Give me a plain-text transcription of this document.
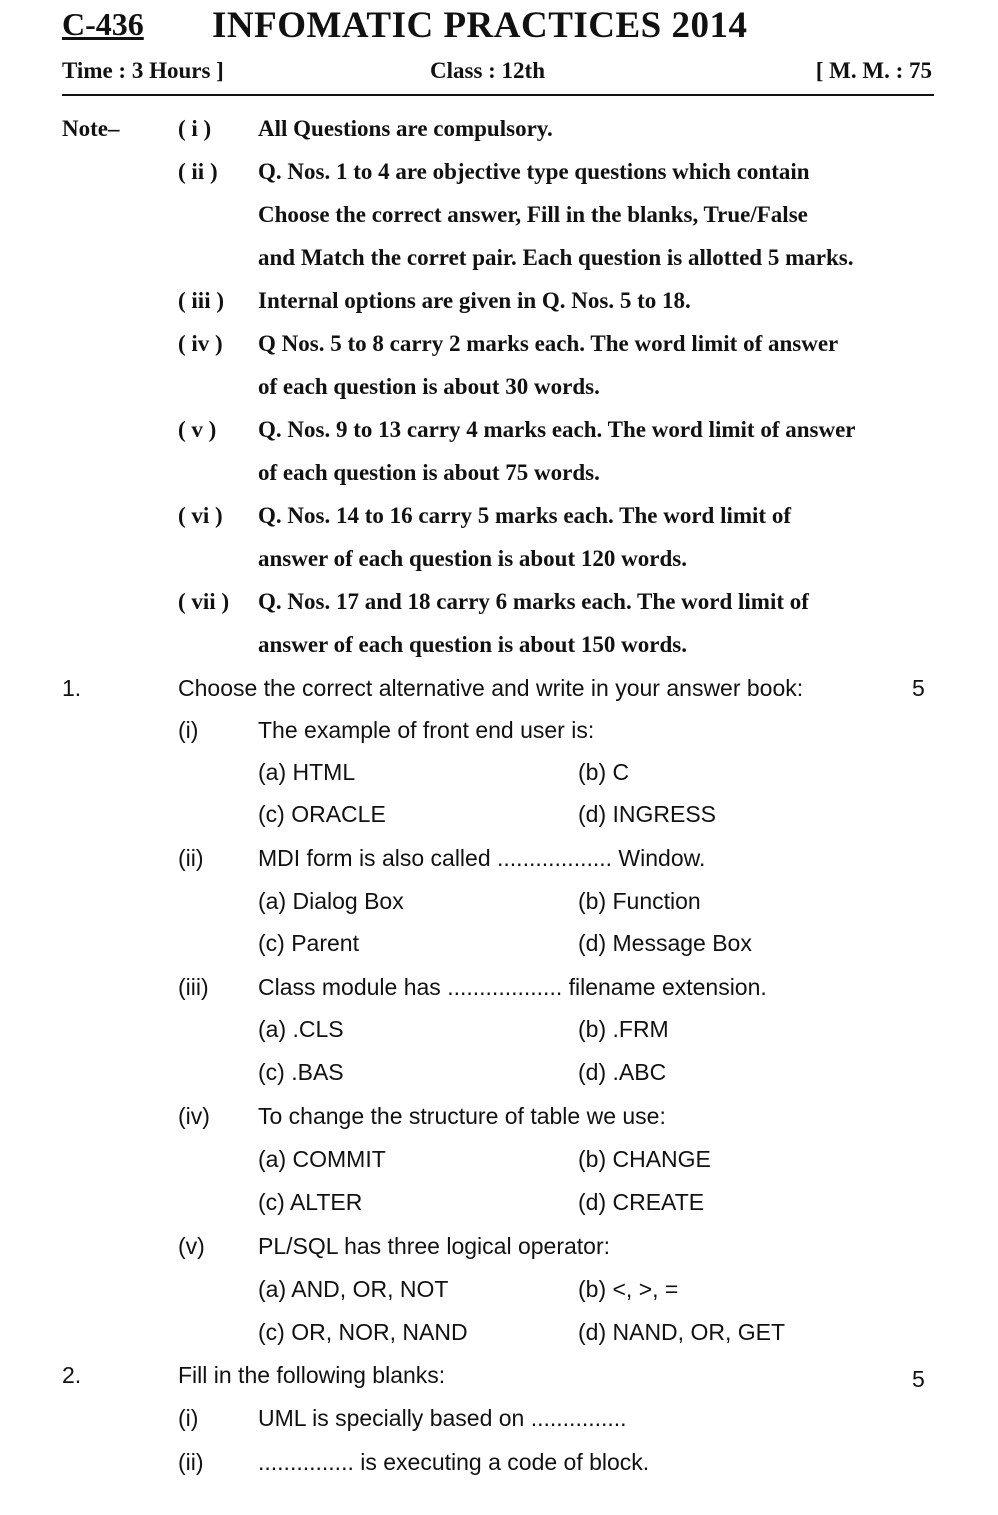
C-436 INFOMATIC PRACTICES 2014
Time : 3 Hours ]	Class : 12th	[ M. M. : 75
Note–	( i ) All Questions are compulsory.
( ii ) Q. Nos. 1 to 4 are objective type questions which contain
Choose the correct answer, Fill in the blanks, True/False
and Match the corret pair. Each question is allotted 5 marks.
( iii ) Internal options are given in Q. Nos. 5 to 18.
( iv ) Q Nos. 5 to 8 carry 2 marks each. The word limit of answer
of each question is about 30 words.
( v ) Q. Nos. 9 to 13 carry 4 marks each. The word limit of answer
of each question is about 75 words.
( vi ) Q. Nos. 14 to 16 carry 5 marks each. The word limit of
answer of each question is about 120 words.
( vii ) Q. Nos. 17 and 18 carry 6 marks each. The word limit of
answer of each question is about 150 words.
1.	Choose the correct alternative and write in your answer book:	5
(i)	The example of front end user is:
(a) HTML	(b) C
(c) ORACLE	(d) INGRESS
(ii) MDI form is also called .................. Window.
(a) Dialog Box	(b) Function
(c) Parent	(d) Message Box
(iii) Class module has .................. filename extension.
(a) .CLS	(b) .FRM
(c) .BAS	(d) .ABC
(iv) To change the structure of table we use:
(a) COMMIT	(b) CHANGE
(c) ALTER	(d) CREATE
(v) PL/SQL has three logical operator:
(a) AND, OR, NOT	(b) <, >, =
(c) OR, NOR, NAND	(d) NAND, OR, GET
2.	Fill in the following blanks:	5
(i)	UML is specially based on ...............
(ii) ............... is executing a code of block.
